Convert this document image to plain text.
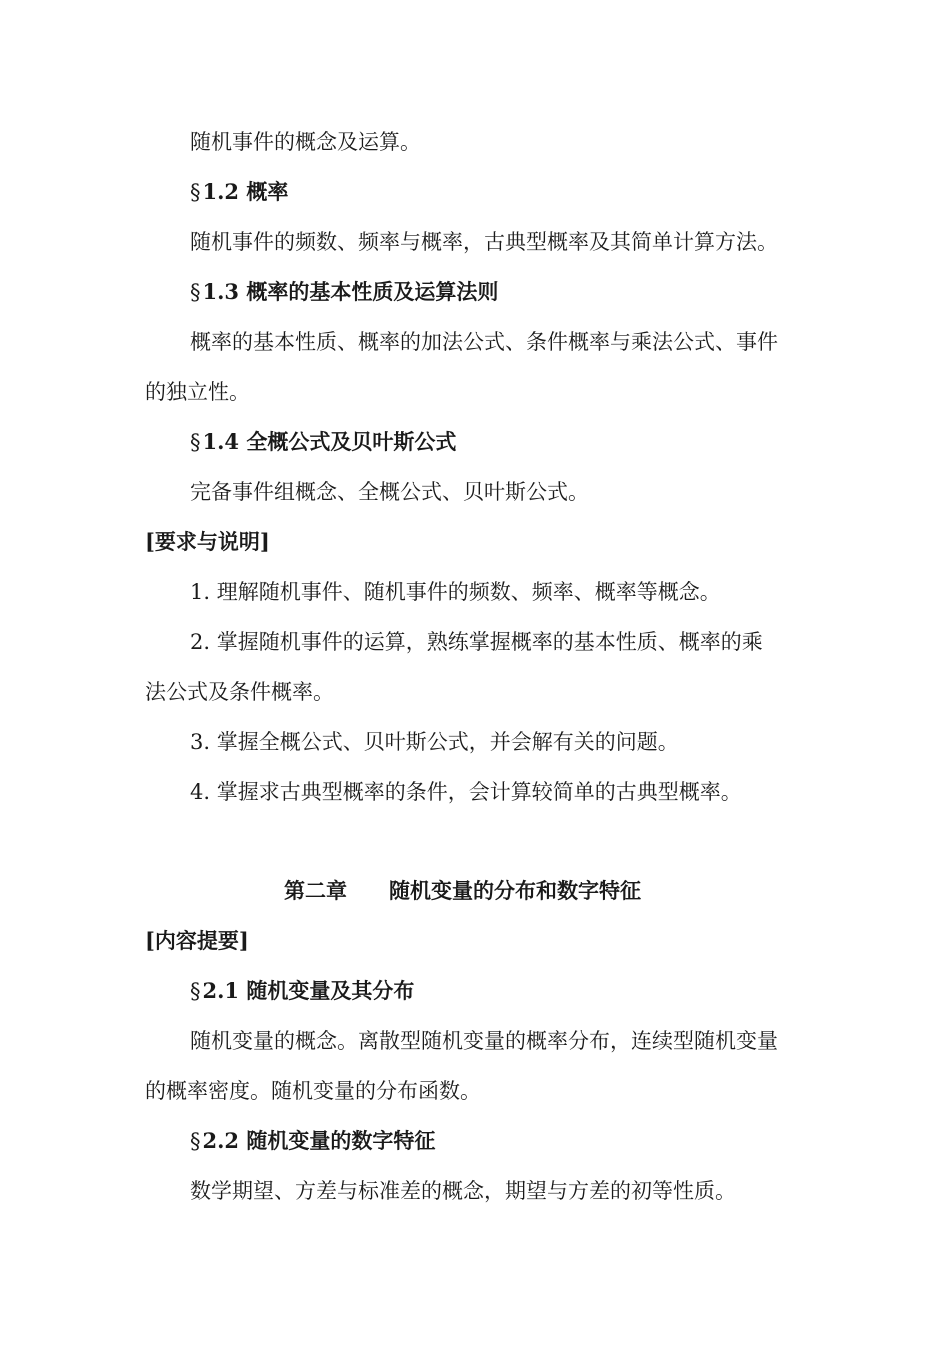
随机事件的概念及运算。
§1.2 概率
随机事件的频数、频率与概率，古典型概率及其简单计算方法。
§1.3 概率的基本性质及运算法则
概率的基本性质、概率的加法公式、条件概率与乘法公式、事件
的独立性。
§1.4 全概公式及贝叶斯公式
完备事件组概念、全概公式、贝叶斯公式。
[要求与说明]
1. 理解随机事件、随机事件的频数、频率、概率等概念。
2. 掌握随机事件的运算，熟练掌握概率的基本性质、概率的乘
法公式及条件概率。
3. 掌握全概公式、贝叶斯公式，并会解有关的问题。
4. 掌握求古典型概率的条件，会计算较简单的古典型概率。
第二章 随机变量的分布和数字特征
[内容提要]
§2.1 随机变量及其分布
随机变量的概念。离散型随机变量的概率分布，连续型随机变量
的概率密度。随机变量的分布函数。
§2.2 随机变量的数字特征
数学期望、方差与标准差的概念，期望与方差的初等性质。
